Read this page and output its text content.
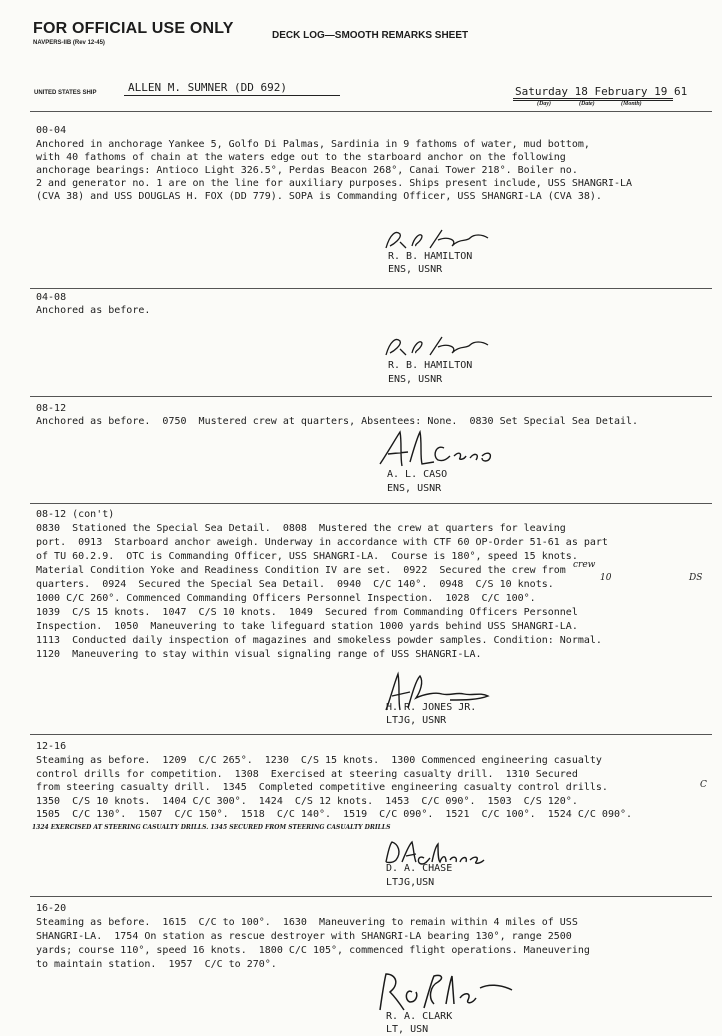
FOR OFFICIAL USE ONLY
NAVPERS-IIB (Rev 12-45)
DECK LOG—SMOOTH REMARKS SHEET
UNITED STATES SHIP	ALLEN M. SUMNER (DD 692)	Saturday 18 February 19 61
(Day)	(Date)	(Month)
00-04
Anchored in anchorage Yankee 5, Golfo Di Palmas, Sardinia in 9 fathoms of water, mud bottom,
with 40 fathoms of chain at the waters edge out to the starboard anchor on the following
anchorage bearings: Antioco Light 326.5°, Perdas Beacon 268°, Canai Tower 218°. Boiler no.
2 and generator no. 1 are on the line for auxiliary purposes. Ships present include, USS SHANGRI-LA
(CVA 38) and USS DOUGLAS H. FOX (DD 779). SOPA is Commanding Officer, USS SHANGRI-LA (CVA 38).
R. B. HAMILTON
ENS, USNR
04-08
Anchored as before.
R. B. HAMILTON
ENS, USNR
08-12
Anchored as before.  0750  Mustered crew at quarters, Absentees: None.  0830 Set Special Sea Detail.
A. L. CASO
ENS, USNR
08-12 (con't)
0830  Stationed the Special Sea Detail.  0808  Mustered the crew at quarters for leaving
port.  0913  Starboard anchor aweigh. Underway in accordance with CTF 60 OP-Order 51-61 as part
of TU 60.2.9.  OTC is Commanding Officer, USS SHANGRI-LA.  Course is 180°, speed 15 knots.
Material Condition Yoke and Readiness Condition IV are set.  0922  Secured the crew from
quarters.  0924  Secured the Special Sea Detail.  0940  C/C 140°.  0948  C/S 10 knots.
1000 C/C 260°. Commenced Commanding Officers Personnel Inspection.  1028  C/C 100°.
1039  C/S 15 knots.  1047  C/S 10 knots.  1049  Secured from Commanding Officers Personnel
Inspection.  1050  Maneuvering to take lifeguard station 1000 yards behind USS SHANGRI-LA.
1113  Conducted daily inspection of magazines and smokeless powder samples. Condition: Normal.
1120  Maneuvering to stay within visual signaling range of USS SHANGRI-LA.
crew
10	DS
H. R. JONES JR.
LTJG, USNR
12-16
Steaming as before.  1209  C/C 265°.  1230  C/S 15 knots.  1300 Commenced engineering casualty
control drills for competition.  1308  Exercised at steering casualty drill.  1310 Secured
from steering casualty drill.  1345  Completed competitive engineering casualty control drills.
1350  C/S 10 knots.  1404 C/C 300°.  1424  C/S 12 knots.  1453  C/C 090°.  1503  C/S 120°.
1505  C/C 130°.  1507  C/C 150°.  1518  C/C 140°.  1519  C/C 090°.  1521  C/C 100°.  1524 C/C 090°.
1324 EXERCISED AT STEERING CASUALTY DRILLS. 1345 SECURED FROM STEERING CASUALTY DRILLS
C
D. A. CHASE
LTJG,USN
16-20
Steaming as before.  1615  C/C to 100°.  1630  Maneuvering to remain within 4 miles of USS
SHANGRI-LA.  1754 On station as rescue destroyer with SHANGRI-LA bearing 130°, range 2500
yards; course 110°, speed 16 knots.  1800 C/C 105°, commenced flight operations. Maneuvering
to maintain station.  1957  C/C to 270°.
R. A. CLARK
LT, USN
